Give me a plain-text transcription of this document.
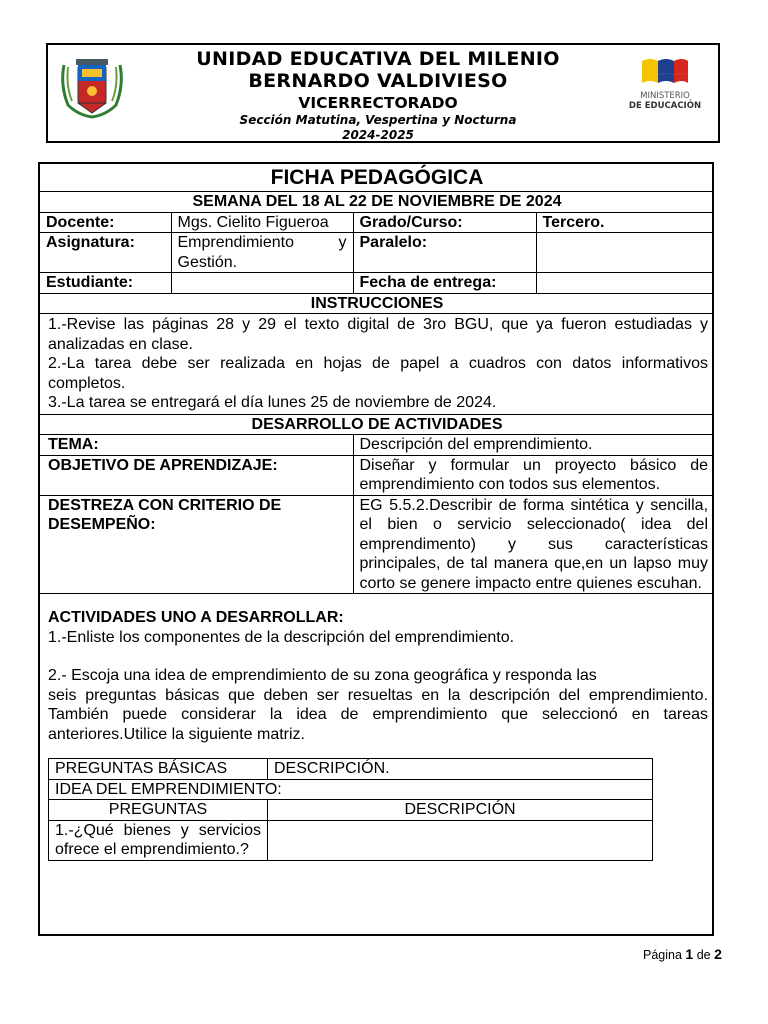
UNIDAD EDUCATIVA DEL MILENIO
BERNARDO VALDIVIESO
VICERRECTORADO
Sección Matutina, Vespertina y Nocturna
2024-2025
MINISTERIO
DE EDUCACIÓN
FICHA PEDAGÓGICA
SEMANA DEL 18 AL 22 DE NOVIEMBRE DE 2024
Docente:	Mgs. Cielito Figueroa	Grado/Curso:	Tercero.
Asignatura:	Emprendimiento y Gestión.	Paralelo:	
Estudiante:		Fecha de entrega:	
INSTRUCCIONES

1.-Revise las páginas 28 y 29 el texto digital de 3ro BGU, que ya fueron estudiadas y analizadas en clase.
2.-La tarea debe ser realizada en hojas de papel a cuadros con datos informativos completos.
3.-La tarea se entregará el día lunes 25 de noviembre de 2024.

DESARROLLO DE ACTIVIDADES
TEMA:	Descripción del emprendimiento.
OBJETIVO DE APRENDIZAJE:	Diseñar y formular un proyecto básico de emprendimiento con todos sus elementos.
DESTREZA CON CRITERIO DE DESEMPEÑO:	EG 5.5.2.Describir de forma sintética y sencilla, el bien o servicio seleccionado( idea del emprendimento) y sus características principales, de tal manera que,en un lapso muy corto se genere impacto entre quienes escuhan.

ACTIVIDADES UNO A DESARROLLAR:
1.-Enliste los componentes de la descripción del emprendimiento.
2.- Escoja una idea de emprendimiento de su zona geográfica y responda las
seis preguntas básicas que deben ser resueltas en la descripción del emprendimiento. También puede considerar la idea de emprendimiento que seleccionó en tareas anteriores.Utilice la siguiente matriz.
PREGUNTAS BÁSICAS	DESCRIPCIÓN.
IDEA DEL EMPRENDIMIENTO:
PREGUNTAS	DESCRIPCIÓN
1.-¿Qué bienes y servicios ofrece el emprendimiento.?	
Página 1 de 2
